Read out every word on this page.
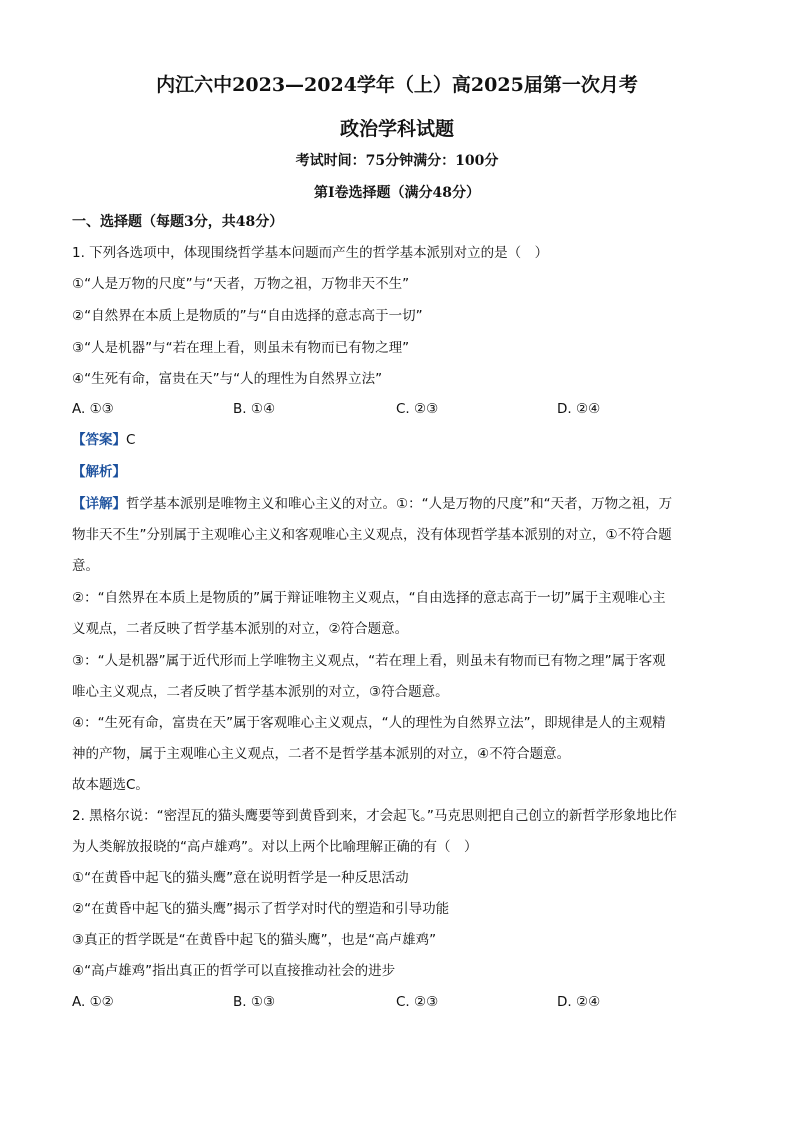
内江六中2023—2024学年（上）高2025届第一次月考
政治学科试题
考试时间：75分钟满分：100分
第Ⅰ卷选择题（满分48分）
一、选择题（每题3分，共48分）
1. 下列各选项中，体现围绕哲学基本问题而产生的哲学基本派别对立的是（　）
①“人是万物的尺度”与“天者，万物之祖，万物非天不生”
②“自然界在本质上是物质的”与“自由选择的意志高于一切”
③“人是机器”与“若在理上看，则虽未有物而已有物之理”
④“生死有命，富贵在天”与“人的理性为自然界立法”
A. ①③	B. ①④	C. ②③	D. ②④
【答案】C
【解析】
【详解】哲学基本派别是唯物主义和唯心主义的对立。①：“人是万物的尺度”和“天者，万物之祖，万
物非天不生”分别属于主观唯心主义和客观唯心主义观点，没有体现哲学基本派别的对立，①不符合题
意。
②：“自然界在本质上是物质的”属于辩证唯物主义观点，“自由选择的意志高于一切”属于主观唯心主
义观点，二者反映了哲学基本派别的对立，②符合题意。
③：“人是机器”属于近代形而上学唯物主义观点，“若在理上看，则虽未有物而已有物之理”属于客观
唯心主义观点，二者反映了哲学基本派别的对立，③符合题意。
④：“生死有命，富贵在天”属于客观唯心主义观点，“人的理性为自然界立法”，即规律是人的主观精
神的产物，属于主观唯心主义观点，二者不是哲学基本派别的对立，④不符合题意。
故本题选C。
2. 黑格尔说：“密涅瓦的猫头鹰要等到黄昏到来，才会起飞。”马克思则把自己创立的新哲学形象地比作
为人类解放报晓的“高卢雄鸡”。对以上两个比喻理解正确的有（　）
①“在黄昏中起飞的猫头鹰”意在说明哲学是一种反思活动
②“在黄昏中起飞的猫头鹰”揭示了哲学对时代的塑造和引导功能
③真正的哲学既是“在黄昏中起飞的猫头鹰”，也是“高卢雄鸡”
④“高卢雄鸡”指出真正的哲学可以直接推动社会的进步
A. ①②	B. ①③	C. ②③	D. ②④
